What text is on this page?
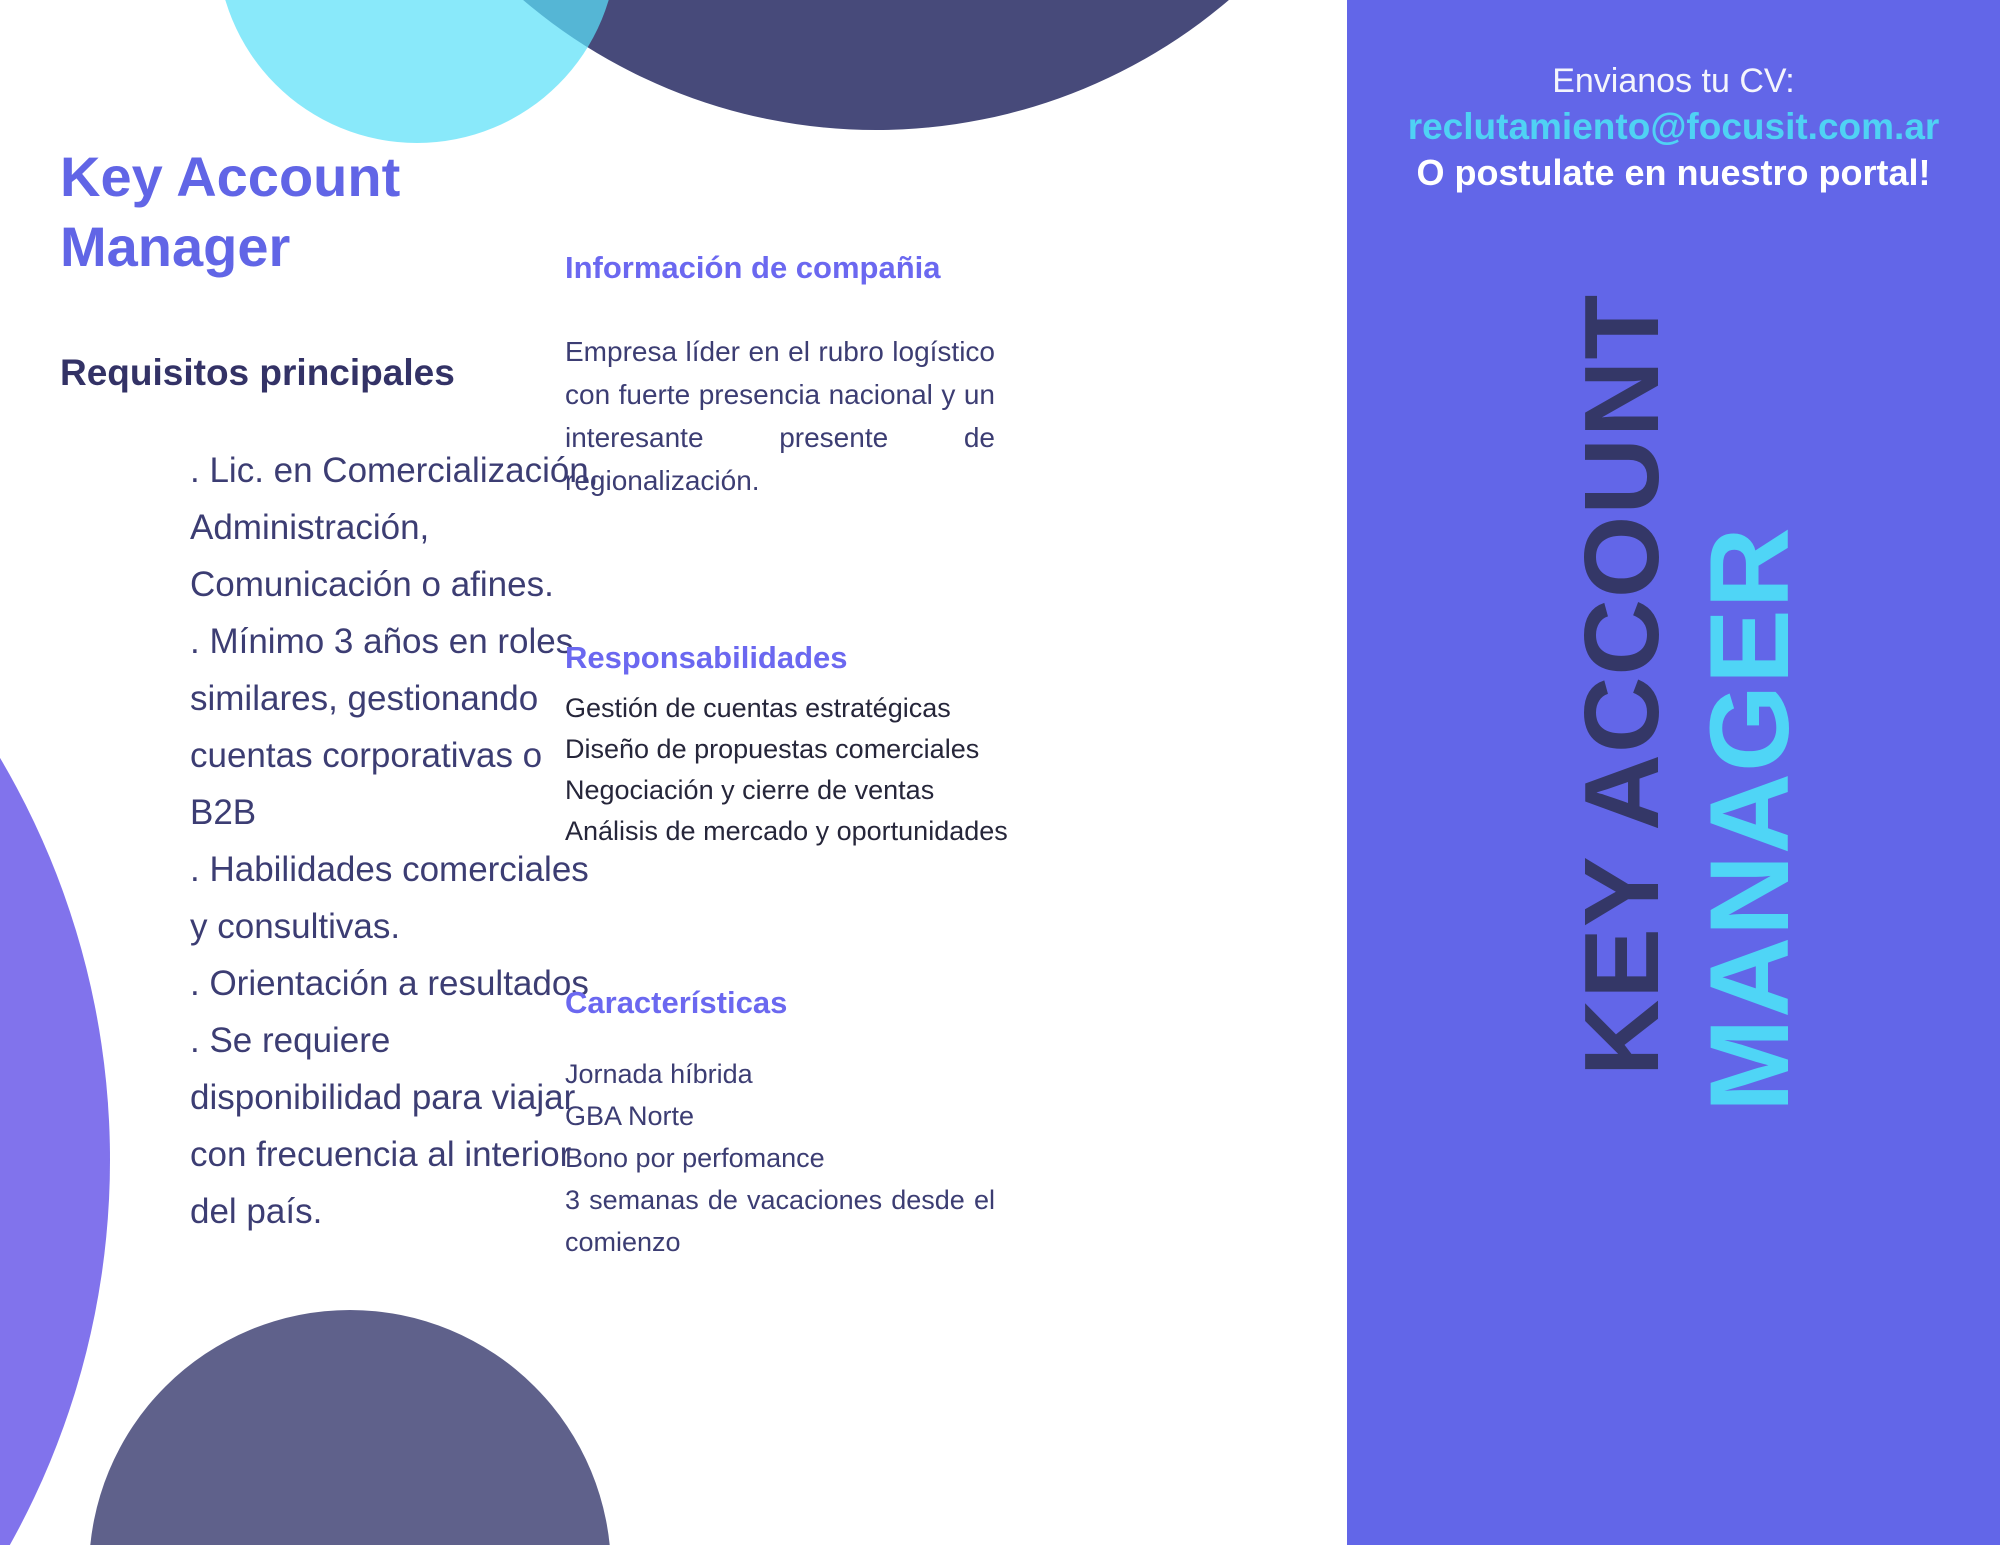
Envianos tu CV:
reclutamiento@focusit.com.ar
O postulate en nuestro portal!
KEY ACCOUNT MANAGER
Key Account Manager
Requisitos principales
. Lic. en Comercialización,
Administración,
Comunicación o afines.
. Mínimo 3 años en roles
similares, gestionando
cuentas corporativas o
B2B
. Habilidades comerciales
y consultivas.
. Orientación a resultados
. Se requiere
disponibilidad para viajar
con frecuencia al interior
del país.
Información de compañia
Empresa líder en el rubro logístico con fuerte presencia nacional y un interesante presente de regionalización.
Responsabilidades
Gestión de cuentas estratégicas
Diseño de propuestas comerciales
Negociación y cierre de ventas
Análisis de mercado y oportunidades
Características
Jornada híbrida
GBA Norte
Bono por perfomance
3 semanas de vacaciones desde el comienzo
